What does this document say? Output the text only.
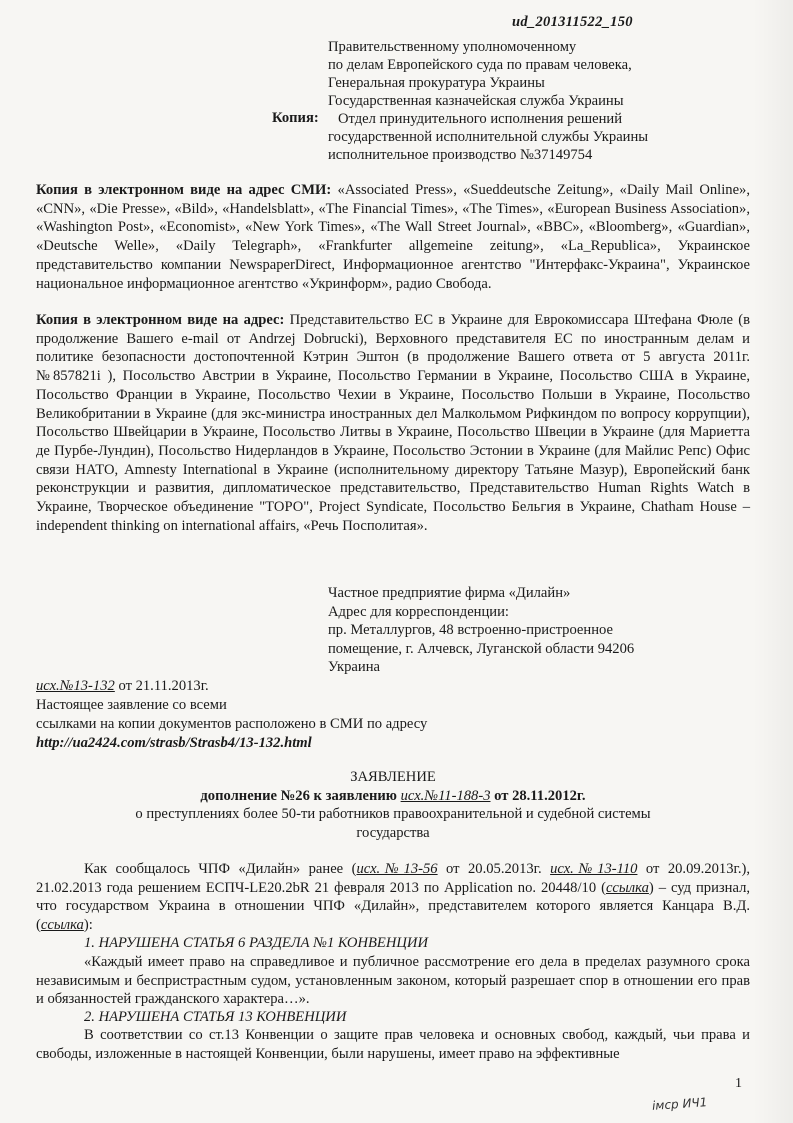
ud_201311522_150
Правительственному уполномоченному
по делам Европейского суда по правам человека,
Генеральная прокуратура Украины
Государственная казначейская служба Украины
Копия:	Отдел принудительного исполнения решений
государственной исполнительной службы Украины
исполнительное производство №37149754
Копия в электронном виде на адрес СМИ: «Associated Press», «Sueddeutsche Zeitung», «Daily Mail Online», «CNN», «Die Presse», «Bild», «Handelsblatt», «The Financial Times», «The Times», «European Business Association», «Washington Post», «Economist», «New York Times», «The Wall Street Journal», «BBC», «Bloomberg», «Guardian», «Deutsche Welle», «Daily Telegraph», «Frankfurter allgemeine zeitung», «La_Republica», Украинское представительство компании NewspaperDirect, Информационное агентство "Интерфакс-Украина", Украинское национальное информационное агентство «Укринформ», радио Свобода.
Копия в электронном виде на адрес: Представительство ЕС в Украине для Еврокомиссара Штефана Фюле (в продолжение Вашего e-mail от Andrzej Dobrucki), Верховного представителя ЕС по иностранным делам и политике безопасности достопочтенной Кэтрин Эштон (в продолжение Вашего ответа от 5 августа 2011г. №857821i ), Посольство Австрии в Украине, Посольство Германии в Украине, Посольство США в Украине, Посольство Франции в Украине, Посольство Чехии в Украине, Посольство Польши в Украине, Посольство Великобритании в Украине (для экс-министра иностранных дел Малкольмом Рифкиндом по вопросу коррупции), Посольство Швейцарии в Украине, Посольство Литвы в Украине, Посольство Швеции в Украине (для Мариетта де Пурбе-Лундин), Посольство Нидерландов в Украине, Посольство Эстонии в Украине (для Майлис Репс) Офис связи НАТО, Amnesty International в Украине (исполнительному директору Татьяне Мазур), Европейский банк реконструкции и развития, дипломатическое представительство, Представительство Human Rights Watch в Украине, Творческое объединение "ТОРО", Project Syndicate, Посольство Бельгия в Украине, Chatham House – independent thinking on international affairs, «Речь Посполитая».
Частное предприятие фирма «Дилайн»
Адрес для корреспонденции:
пр. Металлургов, 48 встроенно-пристроенное
помещение, г. Алчевск, Луганской области 94206
Украина
исх.№13-132 от 21.11.2013г.
Настоящее заявление со всеми
ссылками на копии документов расположено в СМИ по адресу
http://ua2424.com/strasb/Strasb4/13-132.html
ЗАЯВЛЕНИЕ
дополнение №26 к заявлению исх.№11-188-3 от 28.11.2012г.
о преступлениях более 50-ти работников правоохранительной и судебной системы
государства
Как сообщалось ЧПФ «Дилайн» ранее (исх.№13-56 от 20.05.2013г. исх.№13-110 от 20.09.2013г.), 21.02.2013 года решением ЕСПЧ-LE20.2bR 21 февраля 2013 по Application no. 20448/10 (ссылка) – суд признал, что государством Украина в отношении ЧПФ «Дилайн», представителем которого является Канцара В.Д. (ссылка):
1. НАРУШЕНА СТАТЬЯ 6 РАЗДЕЛА №1 КОНВЕНЦИИ
«Каждый имеет право на справедливое и публичное рассмотрение его дела в пределах разумного срока независимым и беспристрастным судом, установленным законом, который разрешает спор в отношении его прав и обязанностей гражданского характера…».
2. НАРУШЕНА СТАТЬЯ 13 КОНВЕНЦИИ
В соответствии со ст.13 Конвенции о защите прав человека и основных свобод, каждый, чьи права и свободы, изложенные в настоящей Конвенции, были нарушены, имеет право на эффективные
1
імср ИЧ1
